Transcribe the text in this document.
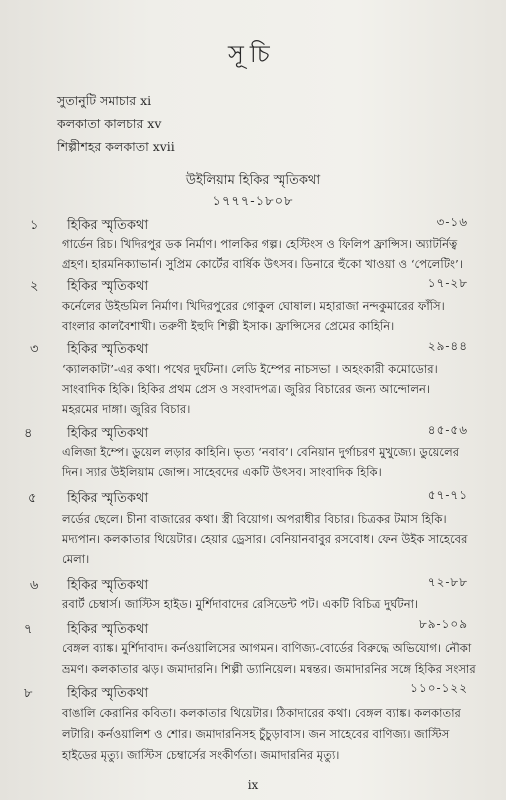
সূচি
সুতানুটি সমাচার xi
কলকাতা কালচার xv
শিল্পীশহর কলকাতা xvii
উইলিয়াম হিকির স্মৃতিকথা
১৭৭৭-১৮০৮
১ হিকির স্মৃতিকথা	৩-১৬
গার্ডেন রিচ। খিদিরপুর ডক নির্মাণ। পালকির গল্প। হেস্টিংস ও ফিলিপ ফ্রান্সিস। অ্যাটর্নিত্ব
গ্রহণ। হারমনিক্যাভার্ন। সুপ্রিম কোর্টের বার্ষিক উৎসব। ডিনারে হুঁকো খাওয়া ও ‘পেলেটিং’।
২ হিকির স্মৃতিকথা	১৭-২৮
কর্নেলের উইন্ডমিল নির্মাণ। খিদিরপুরের গোকুল ঘোষাল। মহারাজা নন্দকুমারের ফাঁসি।
বাংলার কালবৈশাখী। তরুণী ইহুদি শিল্পী ইসাক। ফ্রান্সিসের প্রেমের কাহিনি।
৩ হিকির স্মৃতিকথা	২৯-৪৪
‘ক্যালকাটা’-এর কথা। পথের দুর্ঘটনা। লেডি ইম্পের নাচসভা । অহংকারী কমোডোর।
সাংবাদিক হিকি। হিকির প্রথম প্রেস ও সংবাদপত্র। জুরির বিচারের জন্য আন্দোলন।
মহরমের দাঙ্গা। জুরির বিচার।
৪	হিকির স্মৃতিকথা	৪৫-৫৬
এলিজা ইম্পে। ডুয়েল লড়ার কাহিনি। ভৃত্য ‘নবাব’। বেনিয়ান দুর্গাচরণ মুখুজ্যে। ডুয়েলের
দিন। স্যার উইলিয়াম জোন্স। সাহেবদের একটি উৎসব। সাংবাদিক হিকি।
৫ হিকির স্মৃতিকথা	৫৭-৭১
লর্ডের ছেলে। চীনা বাজারের কথা। স্ত্রী বিয়োগ। অপরাধীর বিচার। চিত্রকর টমাস হিকি।
মদ্যপান। কলকাতার থিয়েটার। হেয়ার ড্রেসার। বেনিয়ানবাবুর রসবোধ। ফেন উইক সাহেবের
মেলা।
৬ হিকির স্মৃতিকথা	৭২-৮৮
রবার্ট চেম্বার্স। জাস্টিস হাইড। মুর্শিদাবাদের রেসিডেন্ট পট। একটি বিচিত্র দুর্ঘটনা।
৭	হিকির স্মৃতিকথা	৮৯-১০৯
বেঙ্গল ব্যাঙ্ক। মুর্শিদাবাদ। কর্নওয়ালিসের আগমন। বাণিজ্য-বোর্ডের বিরুদ্ধে অভিযোগ। নৌকা
ভ্রমণ। কলকাতার ঝড়। জমাদারনি। শিল্পী ড্যানিয়েল। মন্বন্তর। জমাদারনির সঙ্গে হিকির সংসার
৮	হিকির স্মৃতিকথা	১১০-১২২
বাঙালি কেরানির কবিতা। কলকাতার থিয়েটার। ঠিকাদারের কথা। বেঙ্গল ব্যাঙ্ক। কলকাতার
লটারি। কর্নওয়ালিশ ও শোর। জমাদারনিসহ চুঁচুড়াবাস। জন সাহেবের বাণিজ্য। জাস্টিস
হাইডের মৃত্যু। জাস্টিস চেম্বার্সের সংকীর্ণতা। জমাদারনির মৃত্যু।
ix
